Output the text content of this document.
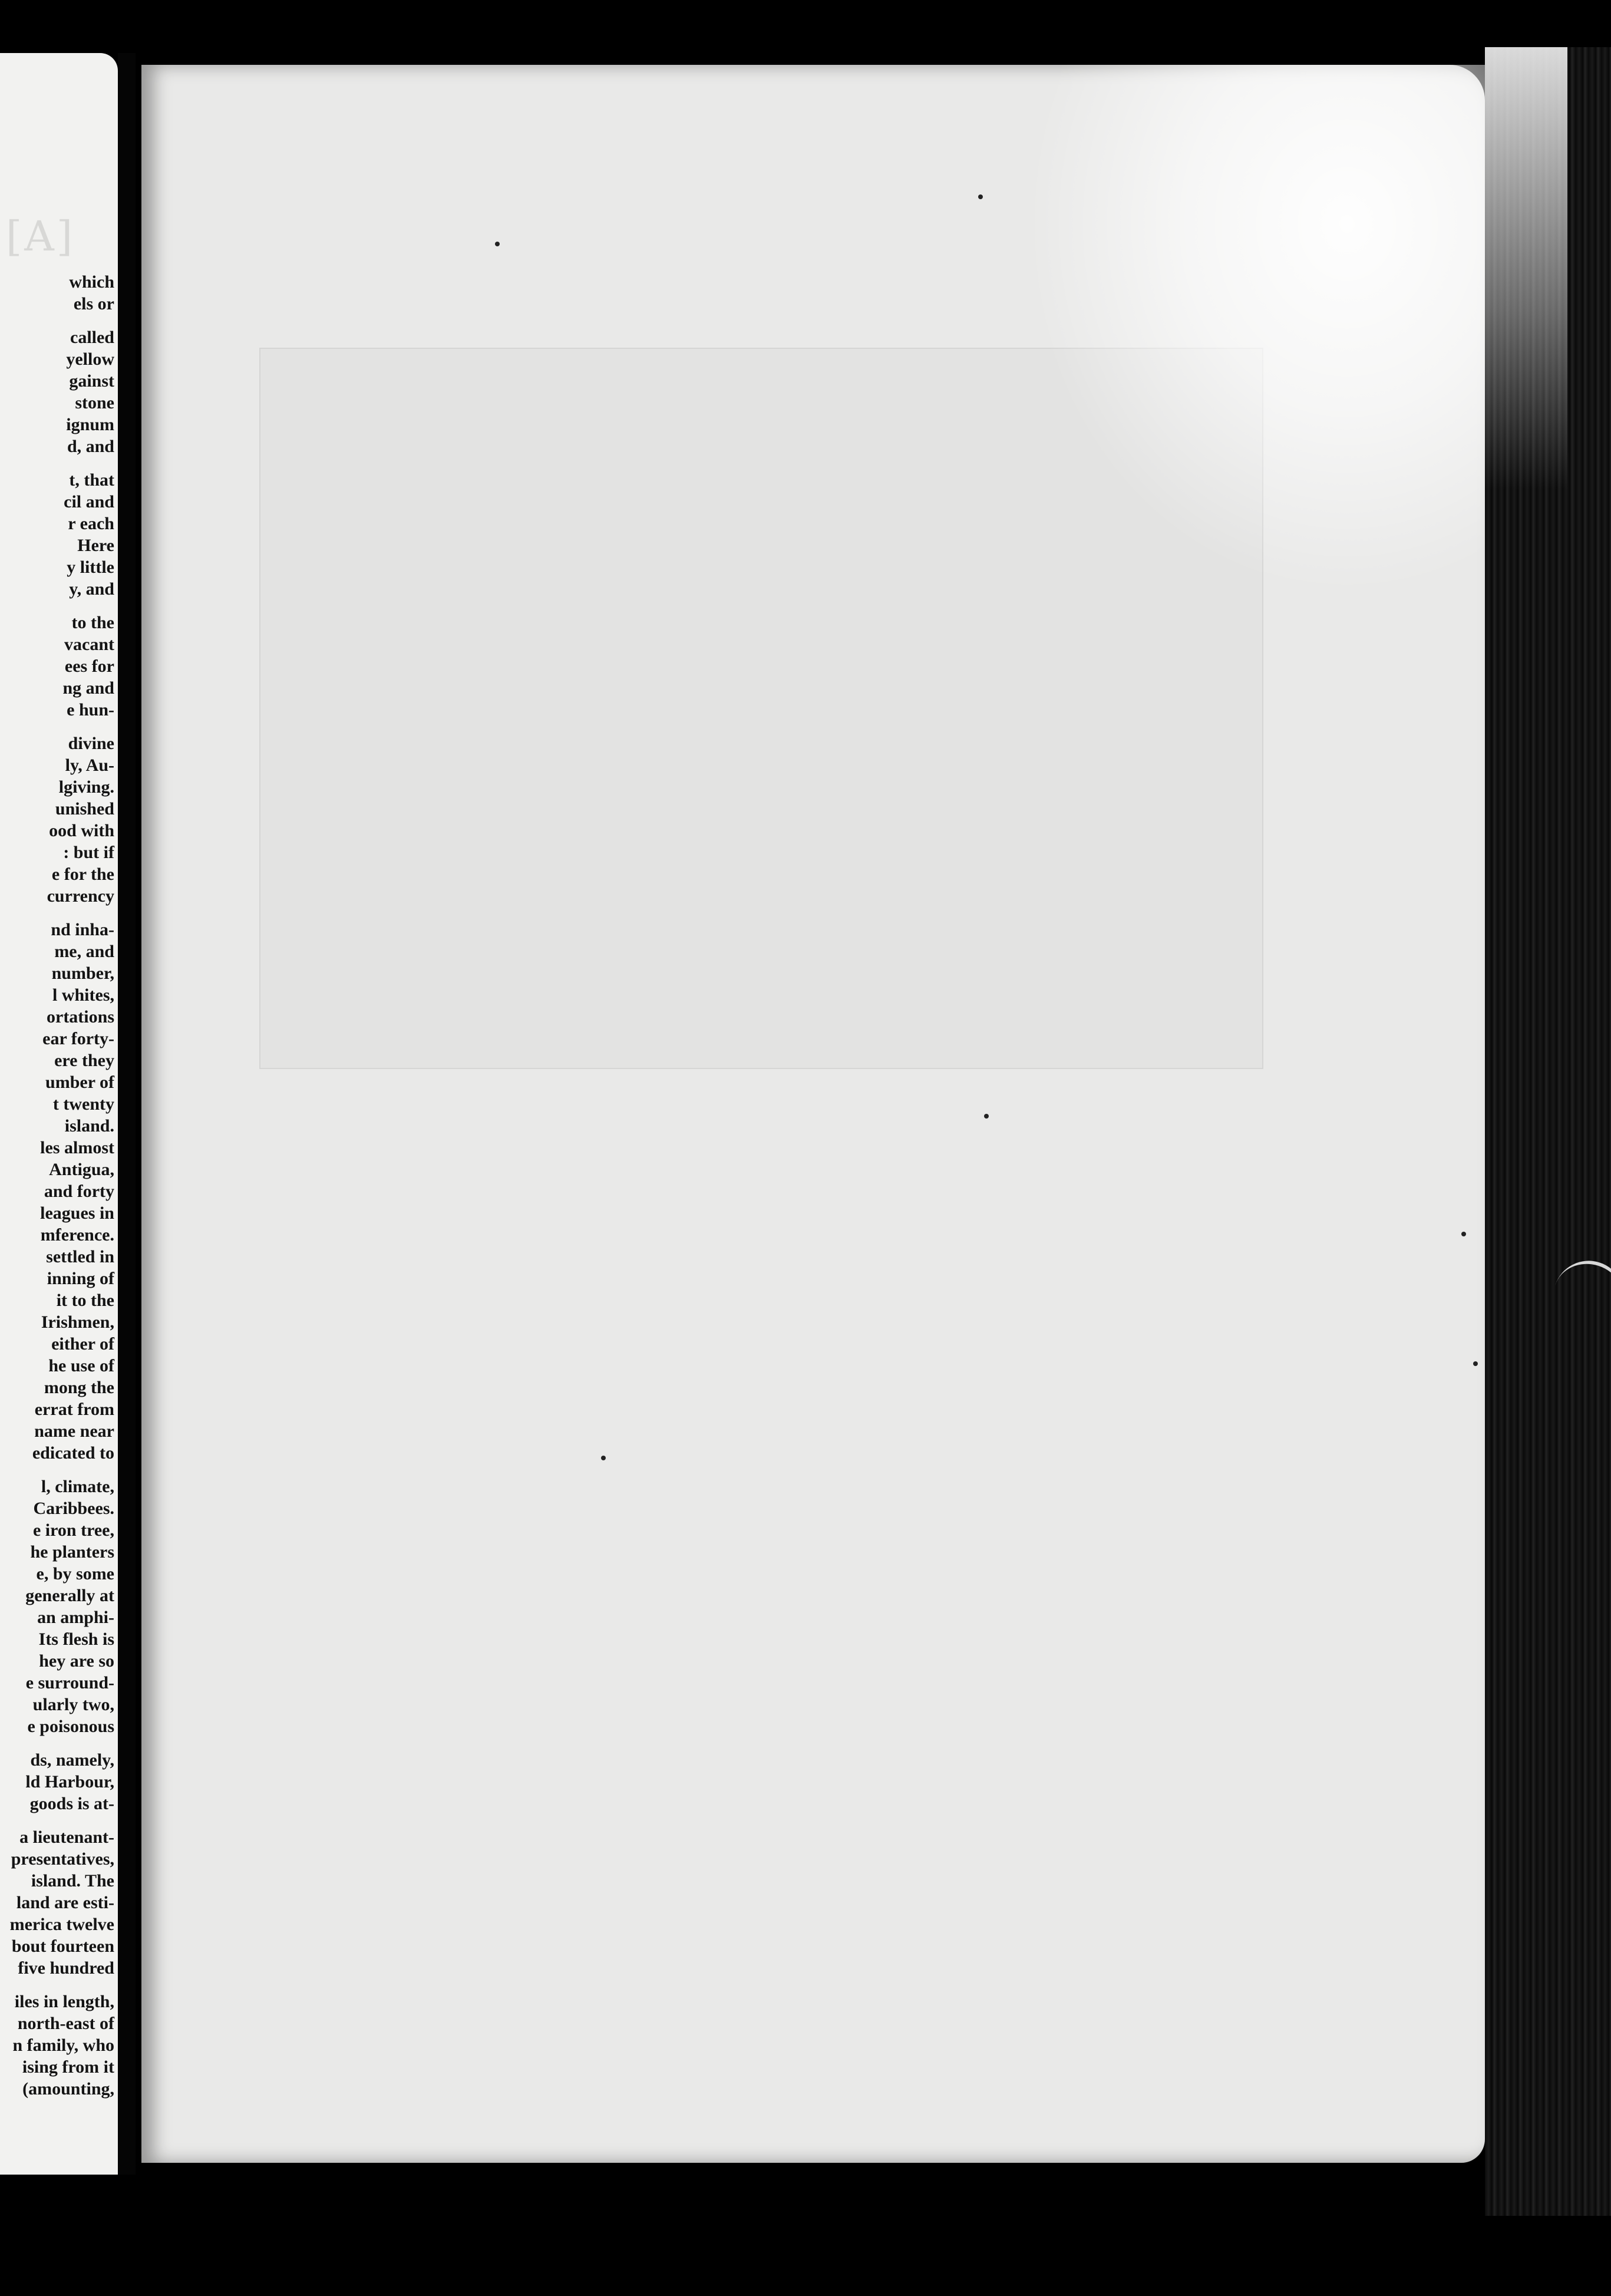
[A]
which
els or
called
yellow
gainst
stone
ignum
d, and
t, that
cil and
r each
Here
y little
y, and
to the
vacant
ees for
ng and
e hun-
divine
ly, Au-
lgiving.
unished
ood with
: but if
e for the
currency
nd inha-
me, and
number,
l whites,
ortations
ear forty-
ere they
umber of
t twenty
island.
les almost
Antigua,
and forty
leagues in
mference.
settled in
inning of
it to the
Irishmen,
either of
he use of
mong the
errat from
name near
edicated to
l, climate,
Caribbees.
e iron tree,
he planters
e, by some
generally at
an amphi-
Its flesh is
hey are so
e surround-
ularly two,
e poisonous
ds, namely,
ld Harbour,
goods is at-
a lieutenant-
presentatives,
island. The
land are esti-
merica twelve
bout fourteen
five hundred
iles in length,
north-east of
n family, who
ising from it
(amounting,
